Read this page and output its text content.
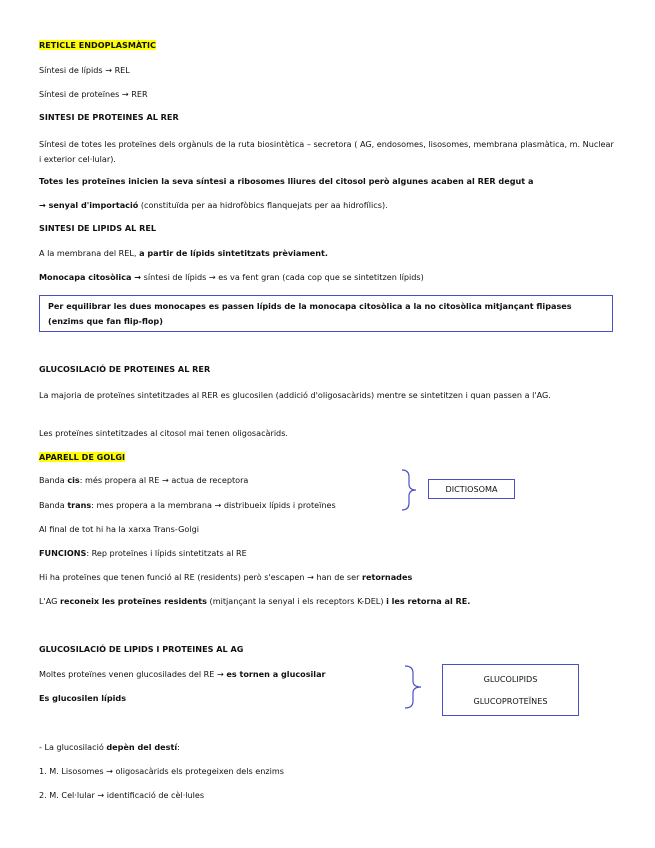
RETICLE ENDOPLASMÀTIC

Síntesi de lípids → REL

Síntesi de proteïnes → RER

SINTESI DE PROTEINES AL RER

Síntesi de totes les proteïnes dels orgànuls de la ruta biosintètica – secretora ( AG, endosomes, lisosomes, membrana plasmàtica, m. Nuclear i exterior cel·lular).

Totes les proteïnes inicien la seva síntesi a ribosomes lliures del citosol però algunes acaben al RER degut a

→ senyal d'importació (constituïda per aa hidrofòbics flanquejats per aa hidrofílics).

SINTESI DE LIPIDS AL REL

A la membrana del REL, a partir de lípids sintetitzats prèviament.

Monocapa citosòlica → síntesi de lípids → es va fent gran (cada cop que se sintetitzen lípids)

Per equilibrar les dues monocapes es passen lípids de la monocapa citosòlica a la no citosòlica mitjançant flipases (enzims que fan flip-flop)

GLUCOSILACIÓ DE PROTEINES AL RER

La majoria de proteïnes sintetitzades al RER es glucosilen (addició d'oligosacàrids) mentre se sintetitzen i quan passen a l'AG.

Les proteïnes sintetitzades al citosol mai tenen oligosacàrids.

APARELL DE GOLGI

Banda cis: més propera al RE → actua de receptora

Banda trans: mes propera a la membrana → distribueix lípids i proteïnes

DICTIOSOMA

Al final de tot hi ha la xarxa Trans-Golgi

FUNCIONS: Rep proteïnes i lípids sintetitzats al RE

Hi ha proteïnes que tenen funció al RE (residents) però s'escapen → han de ser retornades

L'AG reconeix les proteïnes residents (mitjançant la senyal i els receptors K-DEL) i les retorna al RE.

GLUCOSILACIÓ DE LIPIDS I PROTEINES AL AG

Moltes proteïnes venen glucosilades del RE → es tornen a glucosilar

Es glucosilen lípids

GLUCOLIPIDS

GLUCOPROTEÏNES

- La glucosilació depèn del destí:

1. M. Lisosomes → oligosacàrids els protegeixen dels enzims

2. M. Cel·lular → identificació de cèl·lules
